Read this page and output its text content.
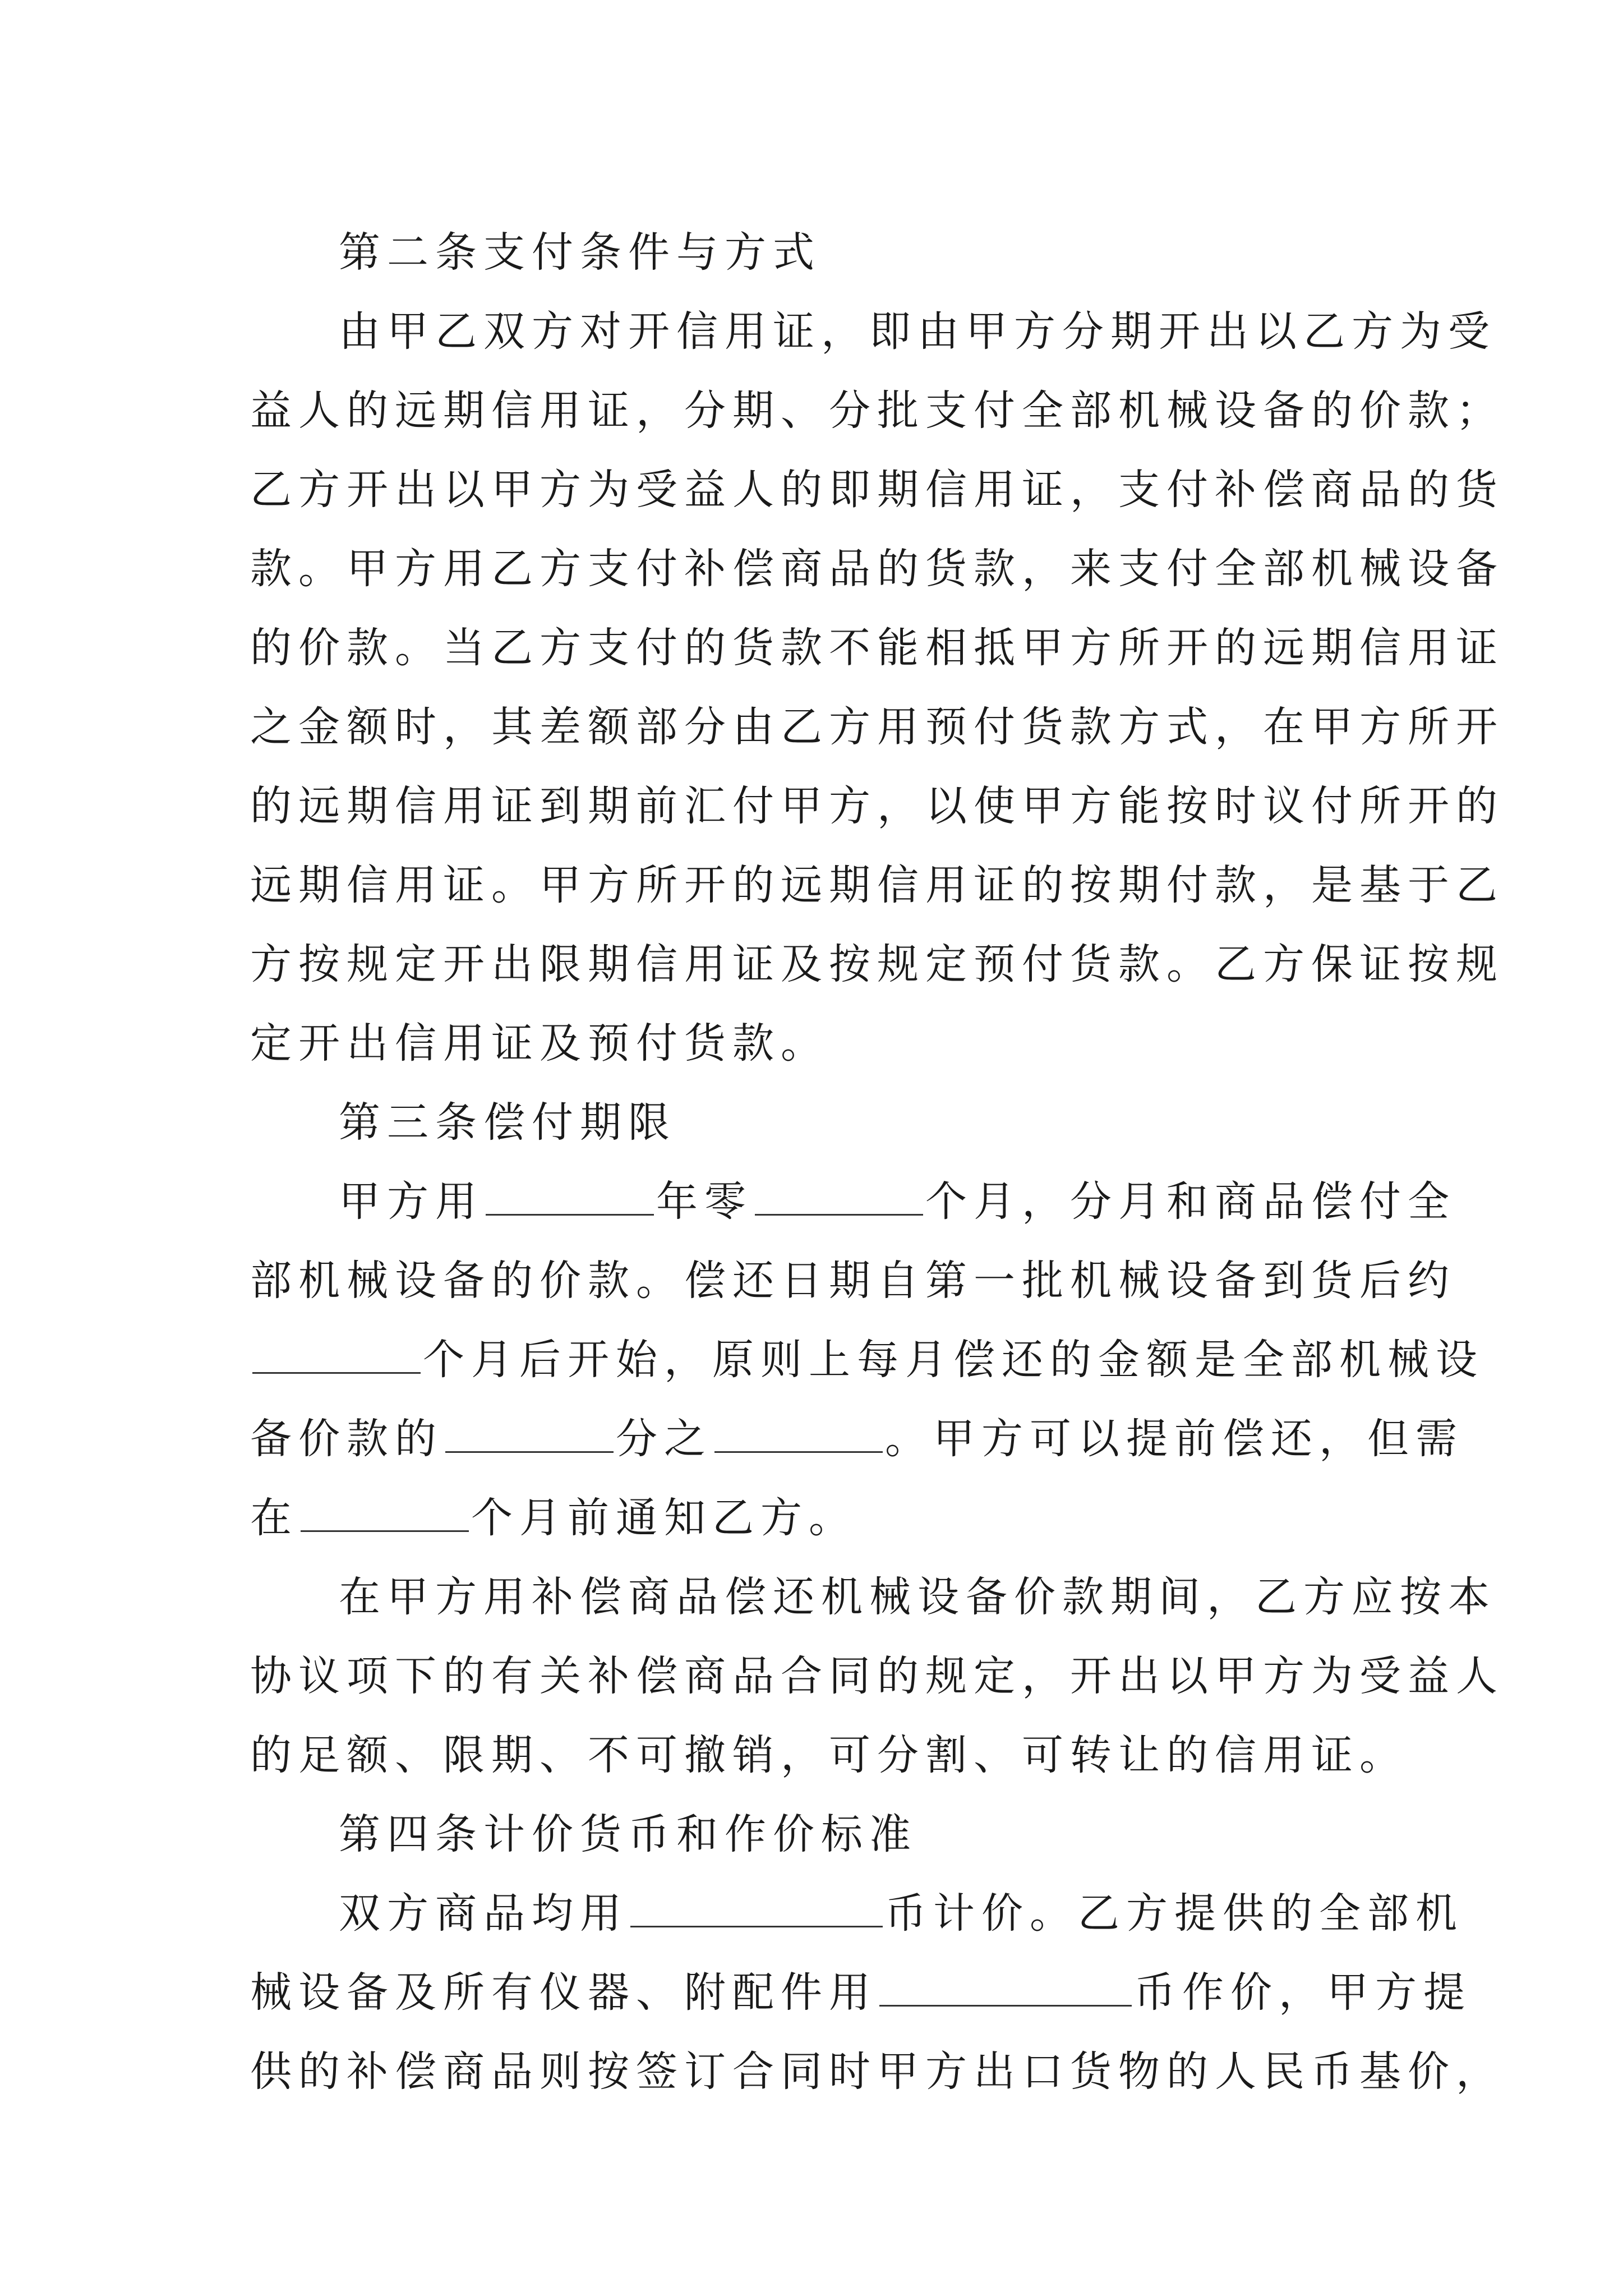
第二条支付条件与方式
由甲乙双方对开信用证，即由甲方分期开出以乙方为受
益人的远期信用证，分期、分批支付全部机械设备的价款；
乙方开出以甲方为受益人的即期信用证，支付补偿商品的货
款。甲方用乙方支付补偿商品的货款，来支付全部机械设备
的价款。当乙方支付的货款不能相抵甲方所开的远期信用证
之金额时，其差额部分由乙方用预付货款方式，在甲方所开
的远期信用证到期前汇付甲方，以使甲方能按时议付所开的
远期信用证。甲方所开的远期信用证的按期付款，是基于乙
方按规定开出限期信用证及按规定预付货款。乙方保证按规
定开出信用证及预付货款。
第三条偿付期限
甲方用	年零	个月，分月和商品偿付全
部机械设备的价款。偿还日期自第一批机械设备到货后约
个月后开始，原则上每月偿还的金额是全部机械设
备价款的	分之	。甲方可以提前偿还，但需
在	个月前通知乙方。
在甲方用补偿商品偿还机械设备价款期间，乙方应按本
协议项下的有关补偿商品合同的规定，开出以甲方为受益人
的足额、限期、不可撤销，可分割、可转让的信用证。
第四条计价货币和作价标准
双方商品均用	币计价。乙方提供的全部机
械设备及所有仪器、附配件用	币作价，甲方提
供的补偿商品则按签订合同时甲方出口货物的人民币基价，
